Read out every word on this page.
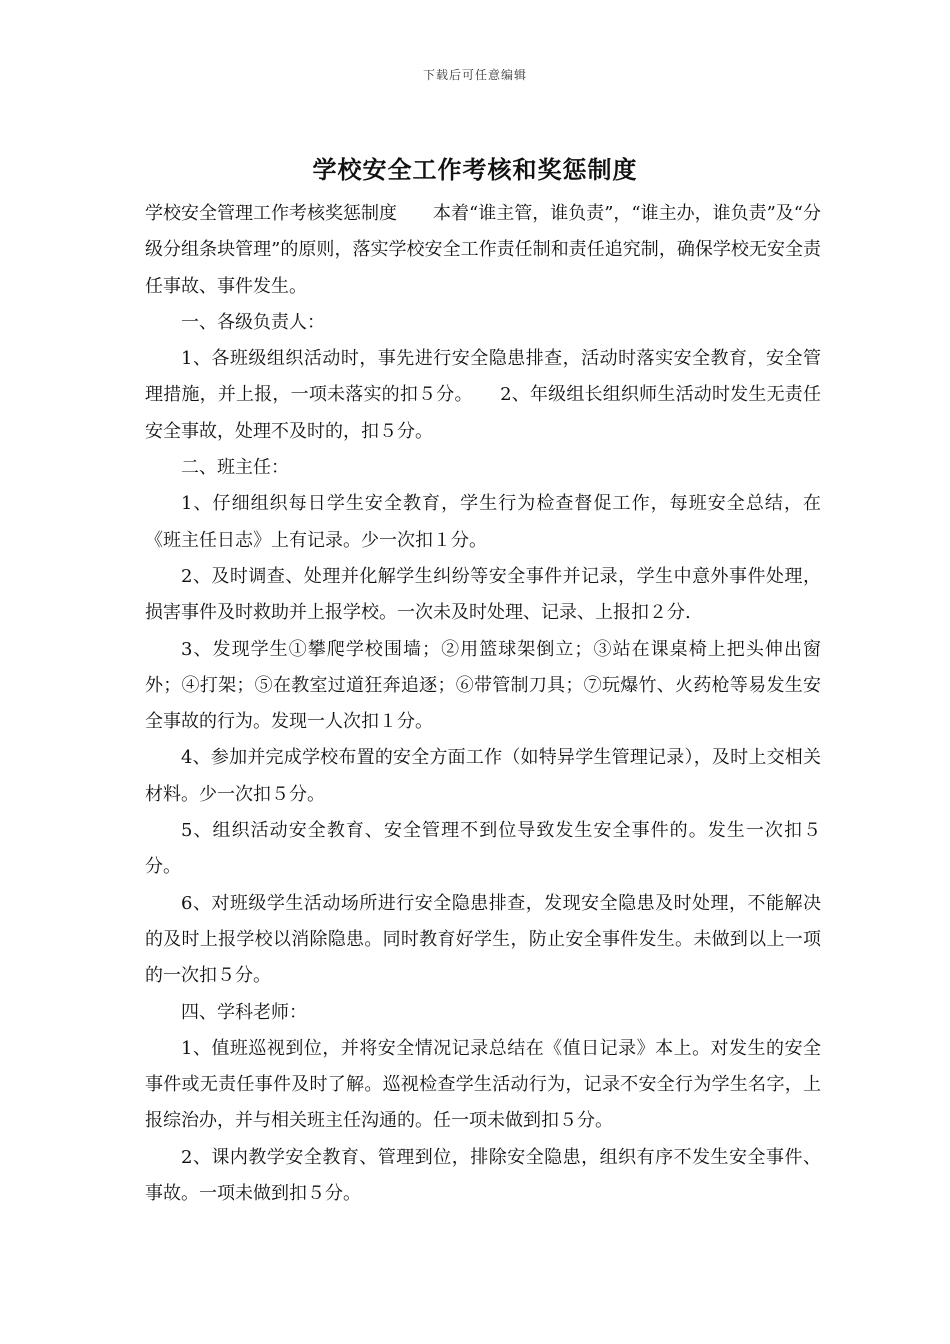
下载后可任意编辑
学校安全工作考核和奖惩制度

学校安全管理工作考核奖惩制度　　本着“谁主管，谁负责”，“谁主办，谁负责”及“分级分组条块管理”的原则，落实学校安全工作责任制和责任追究制，确保学校无安全责任事故、事件发生。

一、各级负责人：

1、各班级组织活动时，事先进行安全隐患排查，活动时落实安全教育，安全管理措施，并上报，一项未落实的扣５分。　　2、年级组长组织师生活动时发生无责任安全事故，处理不及时的，扣５分。

二、班主任：

1、仔细组织每日学生安全教育，学生行为检查督促工作，每班安全总结，在《班主任日志》上有记录。少一次扣１分。

2、及时调查、处理并化解学生纠纷等安全事件并记录，学生中意外事件处理，损害事件及时救助并上报学校。一次未及时处理、记录、上报扣２分.

3、发现学生①攀爬学校围墙；②用篮球架倒立；③站在课桌椅上把头伸出窗外；④打架；⑤在教室过道狂奔追逐；⑥带管制刀具；⑦玩爆竹、火药枪等易发生安全事故的行为。发现一人次扣１分。

4、参加并完成学校布置的安全方面工作（如特异学生管理记录），及时上交相关材料。少一次扣５分。

5、组织活动安全教育、安全管理不到位导致发生安全事件的。发生一次扣５分。

6、对班级学生活动场所进行安全隐患排查，发现安全隐患及时处理，不能解决的及时上报学校以消除隐患。同时教育好学生，防止安全事件发生。未做到以上一项的一次扣５分。

四、学科老师：

1、值班巡视到位，并将安全情况记录总结在《值日记录》本上。对发生的安全事件或无责任事件及时了解。巡视检查学生活动行为，记录不安全行为学生名字，上报综治办，并与相关班主任沟通的。任一项未做到扣５分。

2、课内教学安全教育、管理到位，排除安全隐患，组织有序不发生安全事件、事故。一项未做到扣５分。
